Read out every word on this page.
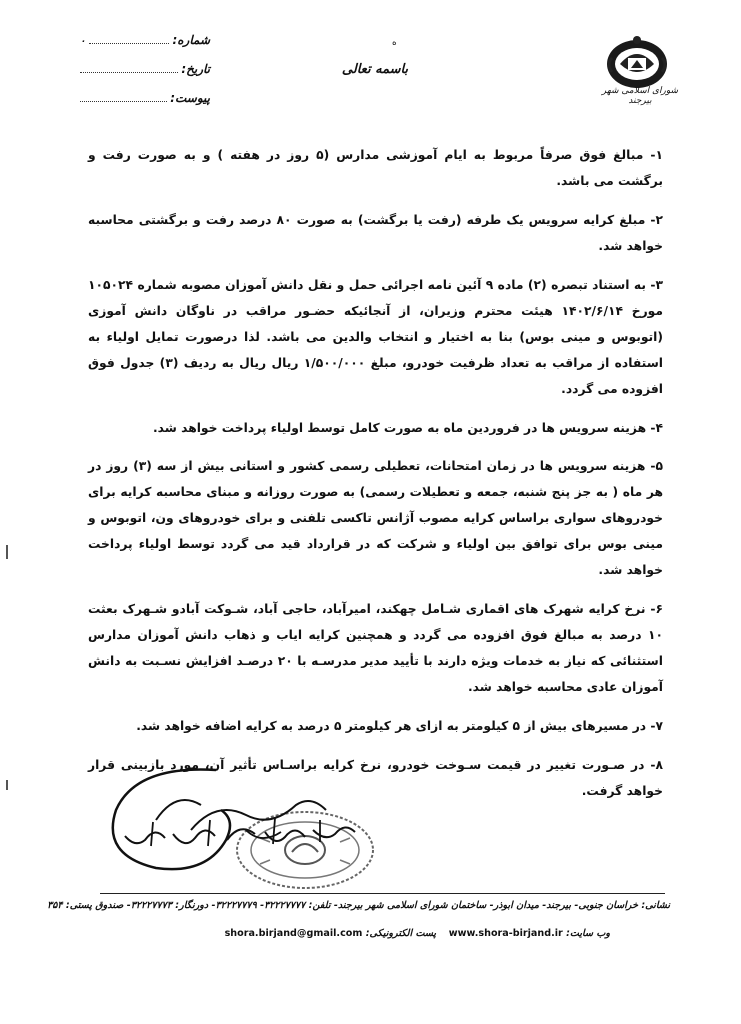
شورای اسلامی شهر بیرجند
ه
باسمه تعالی
شماره:
۰
تاریخ:
پیوست:

۱- مبالغ فوق صرفاً مربوط به ایام آموزشی مدارس (۵ روز در هفته ) و به صورت رفت و برگشت می باشد.

۲- مبلغ کرایه سرویس یک طرفه (رفت یا برگشت) به صورت ۸۰ درصد رفت و برگشتی محاسبه خواهد شد.

۳- به استناد تبصره (۲) ماده ۹ آئین نامه اجرائی حمل و نقل دانش آموزان مصوبه شماره ۱۰۵۰۲۴ مورخ ۱۴۰۲/۶/۱۴ هیئت محترم وزیران، از آنجائیکه حضـور مراقب در ناوگان دانش آموزی (اتوبوس و مینی بوس) بنا به اختیار و انتخاب والدین می باشد. لذا درصورت تمایل اولیاء به استفاده از مراقب به تعداد ظرفیت خودرو، مبلغ ۱/۵۰۰/۰۰۰ ریال ریال به ردیف (۳) جدول فوق افزوده می گردد.

۴- هزینه سرویس ها در فروردین ماه به صورت کامل توسط اولیاء پرداخت خواهد شد.

۵- هزینه سرویس ها در زمان امتحانات، تعطیلی رسمی کشور و استانی بیش از سه (۳) روز در هر ماه ( به جز پنج شنبه، جمعه و تعطیلات رسمی) به صورت روزانه و مبنای محاسبه کرایه برای خودروهای سواری براساس کرایه مصوب آژانس تاکسی تلفنی و برای خودروهای ون، اتوبوس و مینی بوس برای توافق بین اولیاء و شرکت که در قرارداد قید می گردد توسط اولیاء پرداخت خواهد شد.

۶- نرخ کرایه شهرک های اقماری شـامل چهکند، امیرآباد، حاجی آباد، شـوکت آبادو شـهرک بعثت ۱۰ درصد به مبالغ فوق افزوده می گردد و همچنین کرایه ایاب و ذهاب دانش آموزان مدارس استثنائی که نیاز به خدمات ویژه دارند با تأیید مدیر مدرسـه با ۲۰ درصـد افزایش نسـبت به دانش آموزان عادی محاسبه خواهد شد.

۷- در مسیرهای بیش از ۵ کیلومتر به ازای هر کیلومتر ۵ درصد به کرایه اضافه خواهد شد.

۸- در صـورت تغییر در قیمت سـوخت خودرو، نرخ کرایه براسـاس تأثیر آن، مورد بازبینی قرار خواهد گرفت.

نشانی: خراسان جنوبی- بیرجند- میدان ابوذر- ساختمان شورای اسلامی شهر بیرجند- تلفن: ۳۲۲۲۷۷۷۷- ۳۲۲۲۷۷۷۹- دورنگار: ۳۲۲۲۷۷۷۳- صندوق پستی: ۳۵۴
وب سایت: www.shora-birjand.ir  پست الکترونیکی: shora.birjand@gmail.com
